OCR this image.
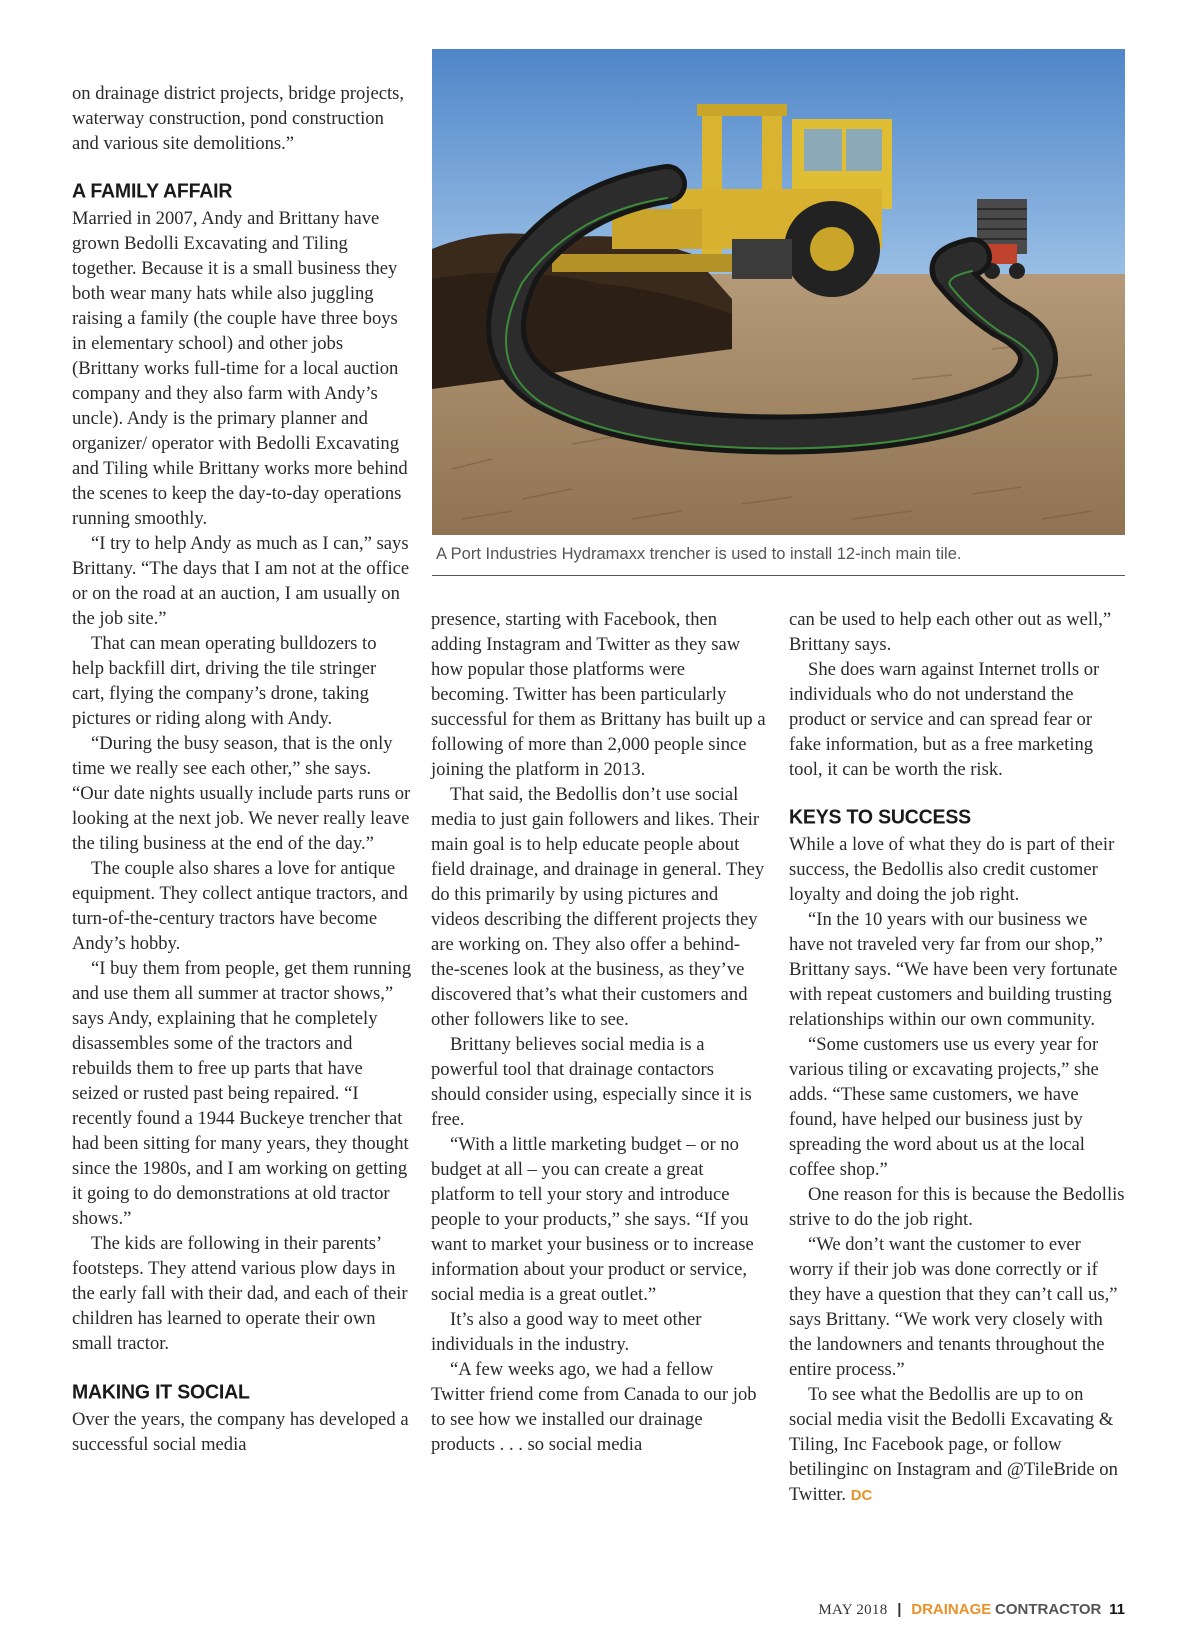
on drainage district projects, bridge projects, waterway construction, pond construction and various site demolitions.”

A FAMILY AFFAIR

Married in 2007, Andy and Brittany have grown Bedolli Excavating and Tiling together. Because it is a small business they both wear many hats while also juggling raising a family (the couple have three boys in elementary school) and other jobs (Brittany works full-time for a local auction company and they also farm with Andy’s uncle). Andy is the primary planner and organizer/ operator with Bedolli Excavating and Tiling while Brittany works more behind the scenes to keep the day-to-day operations running smoothly.

“I try to help Andy as much as I can,” says Brittany. “The days that I am not at the office or on the road at an auction, I am usually on the job site.”

That can mean operating bulldozers to help backfill dirt, driving the tile stringer cart, flying the company’s drone, taking pictures or riding along with Andy.

“During the busy season, that is the only time we really see each other,” she says. “Our date nights usually include parts runs or looking at the next job. We never really leave the tiling business at the end of the day.”

The couple also shares a love for antique equipment. They collect antique tractors, and turn-of-the-century tractors have become Andy’s hobby.

“I buy them from people, get them running and use them all summer at tractor shows,” says Andy, explaining that he completely disassembles some of the tractors and rebuilds them to free up parts that have seized or rusted past being repaired. “I recently found a 1944 Buckeye trencher that had been sitting for many years, they thought since the 1980s, and I am working on getting it going to do demonstrations at old tractor shows.”

The kids are following in their parents’ footsteps. They attend various plow days in the early fall with their dad, and each of their children has learned to operate their own small tractor.

MAKING IT SOCIAL

Over the years, the company has developed a successful social media

A Port Industries Hydramaxx trencher is used to install 12-inch main tile.

presence, starting with Facebook, then adding Instagram and Twitter as they saw how popular those platforms were becoming. Twitter has been particularly successful for them as Brittany has built up a following of more than 2,000 people since joining the platform in 2013.

That said, the Bedollis don’t use social media to just gain followers and likes. Their main goal is to help educate people about field drainage, and drainage in general. They do this primarily by using pictures and videos describing the different projects they are working on. They also offer a behind-the-scenes look at the business, as they’ve discovered that’s what their customers and other followers like to see.

Brittany believes social media is a powerful tool that drainage contactors should consider using, especially since it is free.

“With a little marketing budget – or no budget at all – you can create a great platform to tell your story and introduce people to your products,” she says. “If you want to market your business or to increase information about your product or service, social media is a great outlet.”

It’s also a good way to meet other individuals in the industry.

“A few weeks ago, we had a fellow Twitter friend come from Canada to our job to see how we installed our drainage products . . . so social media

can be used to help each other out as well,” Brittany says.

She does warn against Internet trolls or individuals who do not understand the product or service and can spread fear or fake information, but as a free marketing tool, it can be worth the risk.

KEYS TO SUCCESS

While a love of what they do is part of their success, the Bedollis also credit customer loyalty and doing the job right.

“In the 10 years with our business we have not traveled very far from our shop,” Brittany says. “We have been very fortunate with repeat customers and building trusting relationships within our own community.

“Some customers use us every year for various tiling or excavating projects,” she adds. “These same customers, we have found, have helped our business just by spreading the word about us at the local coffee shop.”

One reason for this is because the Bedollis strive to do the job right.

“We don’t want the customer to ever worry if their job was done correctly or if they have a question that they can’t call us,” says Brittany. “We work very closely with the landowners and tenants throughout the entire process.”

To see what the Bedollis are up to on social media visit the Bedolli Excavating & Tiling, Inc Facebook page, or follow betilinginc on Instagram and @TileBride on Twitter. DC

MAY 2018 | DRAINAGE CONTRACTOR 11
